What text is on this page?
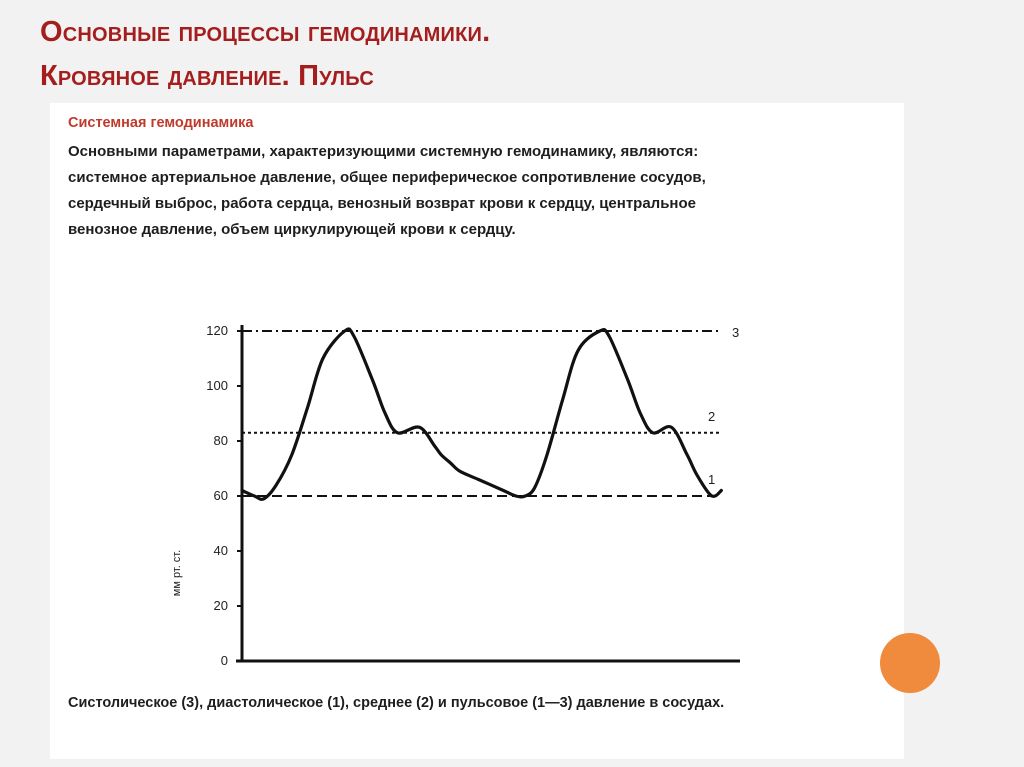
Основные процессы гемодинамики.
Кровяное давление. Пульс
Системная гемодинамика
Основными параметрами, характеризующими системную гемодинамику, являются:
системное артериальное давление, общее периферическое сопротивление сосудов,
сердечный выброс, работа сердца, венозный возврат крови к сердцу, центральное
венозное давление, объем циркулирующей крови к сердцу.
3
2
1
0
20
40
60
80
100
120
мм рт. ст.
Систолическое (3), диастолическое (1), среднее (2) и пульсовое (1—3) давление в сосудах.
